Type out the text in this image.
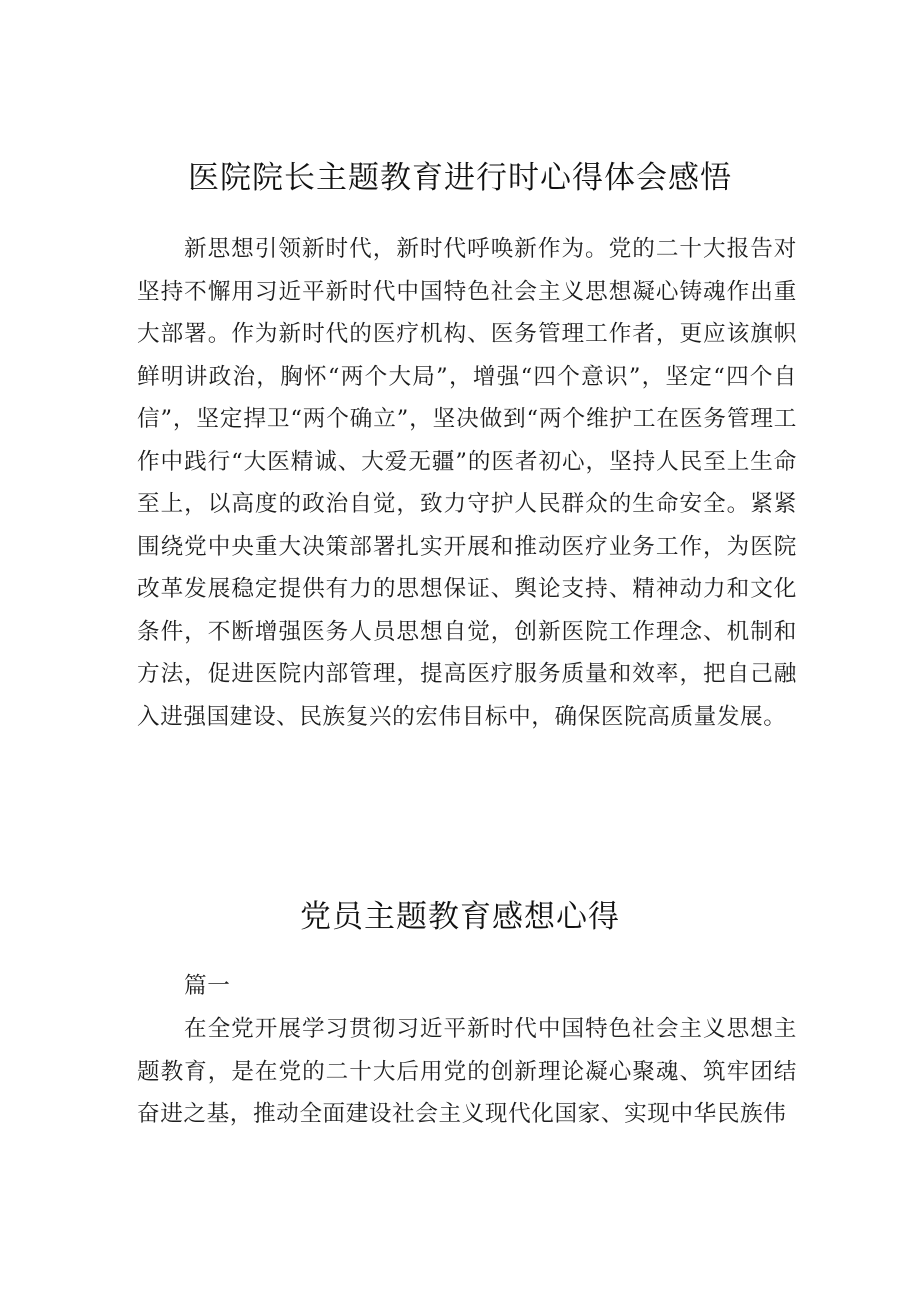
医院院长主题教育进行时心得体会感悟

新思想引领新时代，新时代呼唤新作为。党的二十大报告对坚持不懈用习近平新时代中国特色社会主义思想凝心铸魂作出重大部署。作为新时代的医疗机构、医务管理工作者，更应该旗帜鲜明讲政治，胸怀“两个大局”，增强“四个意识”，坚定“四个自信”，坚定捍卫“两个确立”，坚决做到“两个维护工在医务管理工作中践行“大医精诚、大爱无疆”的医者初心，坚持人民至上生命至上，以高度的政治自觉，致力守护人民群众的生命安全。紧紧围绕党中央重大决策部署扎实开展和推动医疗业务工作，为医院改革发展稳定提供有力的思想保证、舆论支持、精神动力和文化条件，不断增强医务人员思想自觉，创新医院工作理念、机制和方法，促进医院内部管理，提高医疗服务质量和效率，把自己融入进强国建设、民族复兴的宏伟目标中，确保医院高质量发展。

党员主题教育感想心得

篇一

在全党开展学习贯彻习近平新时代中国特色社会主义思想主题教育，是在党的二十大后用党的创新理论凝心聚魂、筑牢团结奋进之基，推动全面建设社会主义现代化国家、实现中华民族伟
